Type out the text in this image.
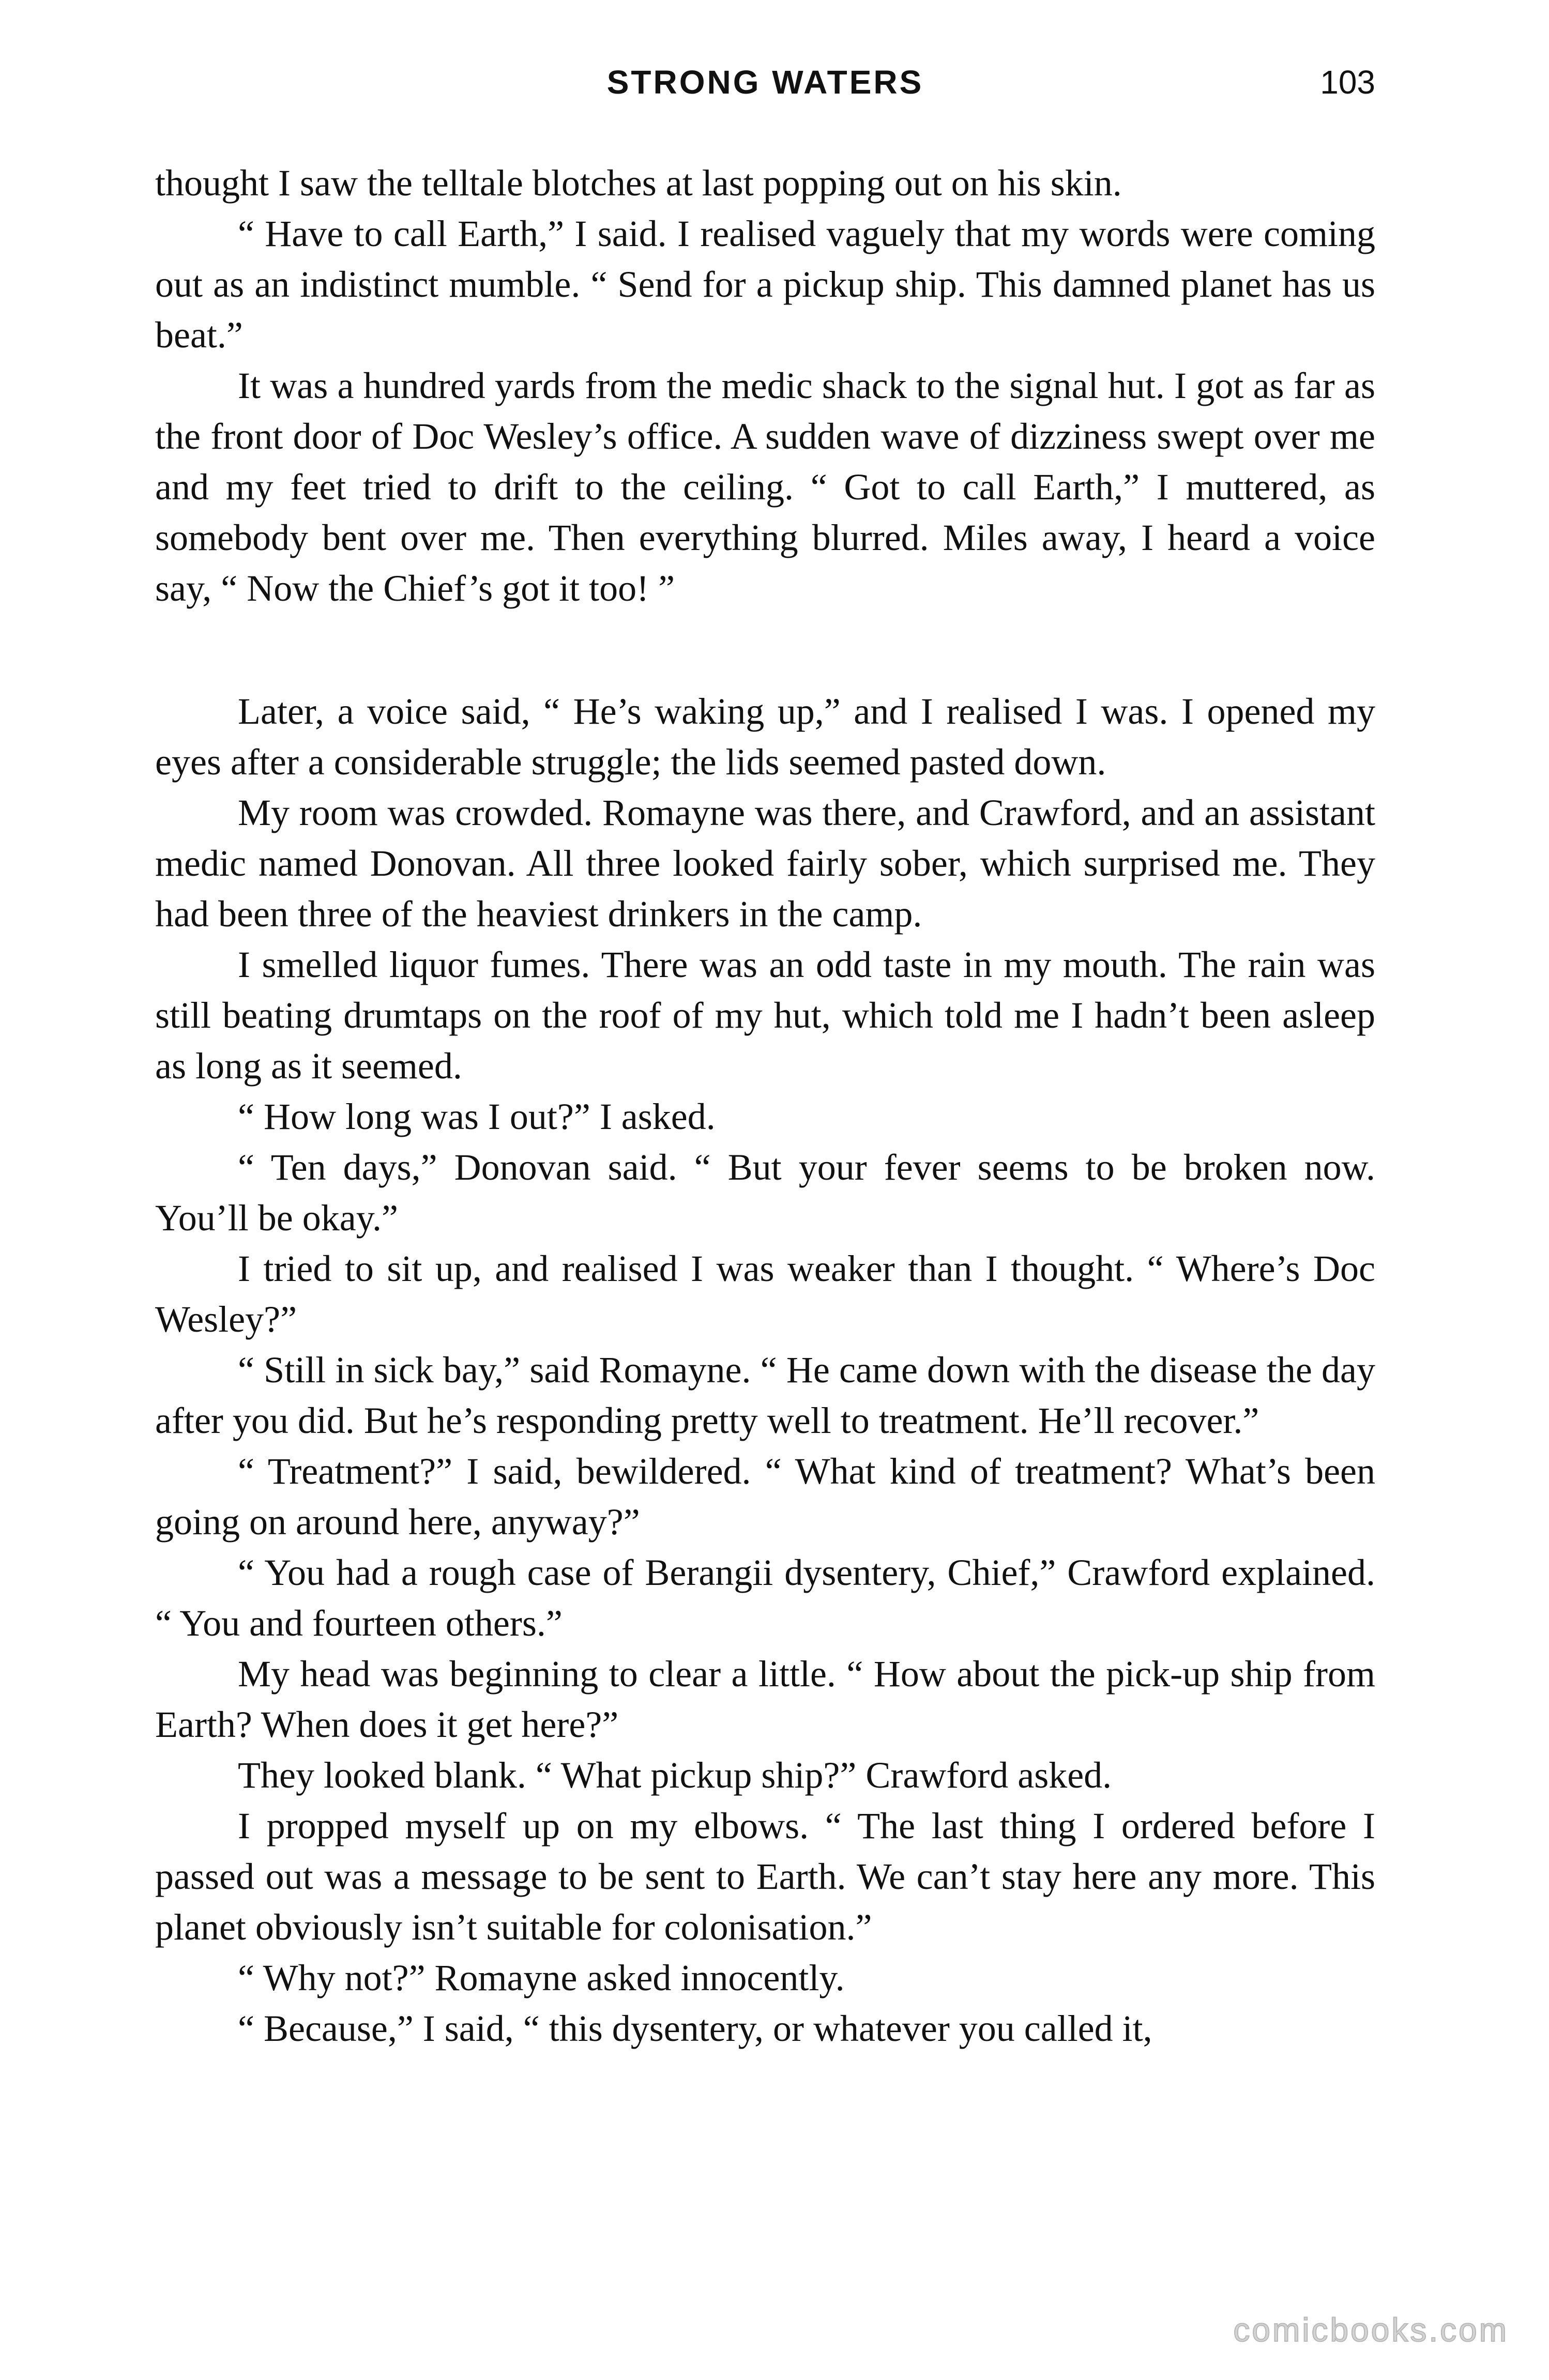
STRONG WATERS	103

thought I saw the telltale blotches at last popping out on his skin.

“ Have to call Earth,” I said. I realised vaguely that my words were coming out as an indistinct mumble. “ Send for a pickup ship. This damned planet has us beat.”

It was a hundred yards from the medic shack to the signal hut. I got as far as the front door of Doc Wesley’s office. A sudden wave of dizziness swept over me and my feet tried to drift to the ceiling. “ Got to call Earth,” I muttered, as somebody bent over me. Then everything blurred. Miles away, I heard a voice say, “ Now the Chief’s got it too! ”

Later, a voice said, “ He’s waking up,” and I realised I was. I opened my eyes after a considerable struggle; the lids seemed pasted down.

My room was crowded. Romayne was there, and Crawford, and an assistant medic named Donovan. All three looked fairly sober, which surprised me. They had been three of the heaviest drinkers in the camp.

I smelled liquor fumes. There was an odd taste in my mouth. The rain was still beating drumtaps on the roof of my hut, which told me I hadn’t been asleep as long as it seemed.

“ How long was I out?” I asked.

“ Ten days,” Donovan said. “ But your fever seems to be broken now. You’ll be okay.”

I tried to sit up, and realised I was weaker than I thought. “ Where’s Doc Wesley?”

“ Still in sick bay,” said Romayne. “ He came down with the disease the day after you did. But he’s responding pretty well to treatment. He’ll recover.”

“ Treatment?” I said, bewildered. “ What kind of treatment? What’s been going on around here, anyway?”

“ You had a rough case of Berangii dysentery, Chief,” Crawford explained. “ You and fourteen others.”

My head was beginning to clear a little. “ How about the pick-up ship from Earth? When does it get here?”

They looked blank. “ What pickup ship?” Crawford asked.

I propped myself up on my elbows. “ The last thing I ordered before I passed out was a message to be sent to Earth. We can’t stay here any more. This planet obviously isn’t suitable for colonisation.”

“ Why not?” Romayne asked innocently.

“ Because,” I said, “ this dysentery, or whatever you called it,

comicbooks.com
